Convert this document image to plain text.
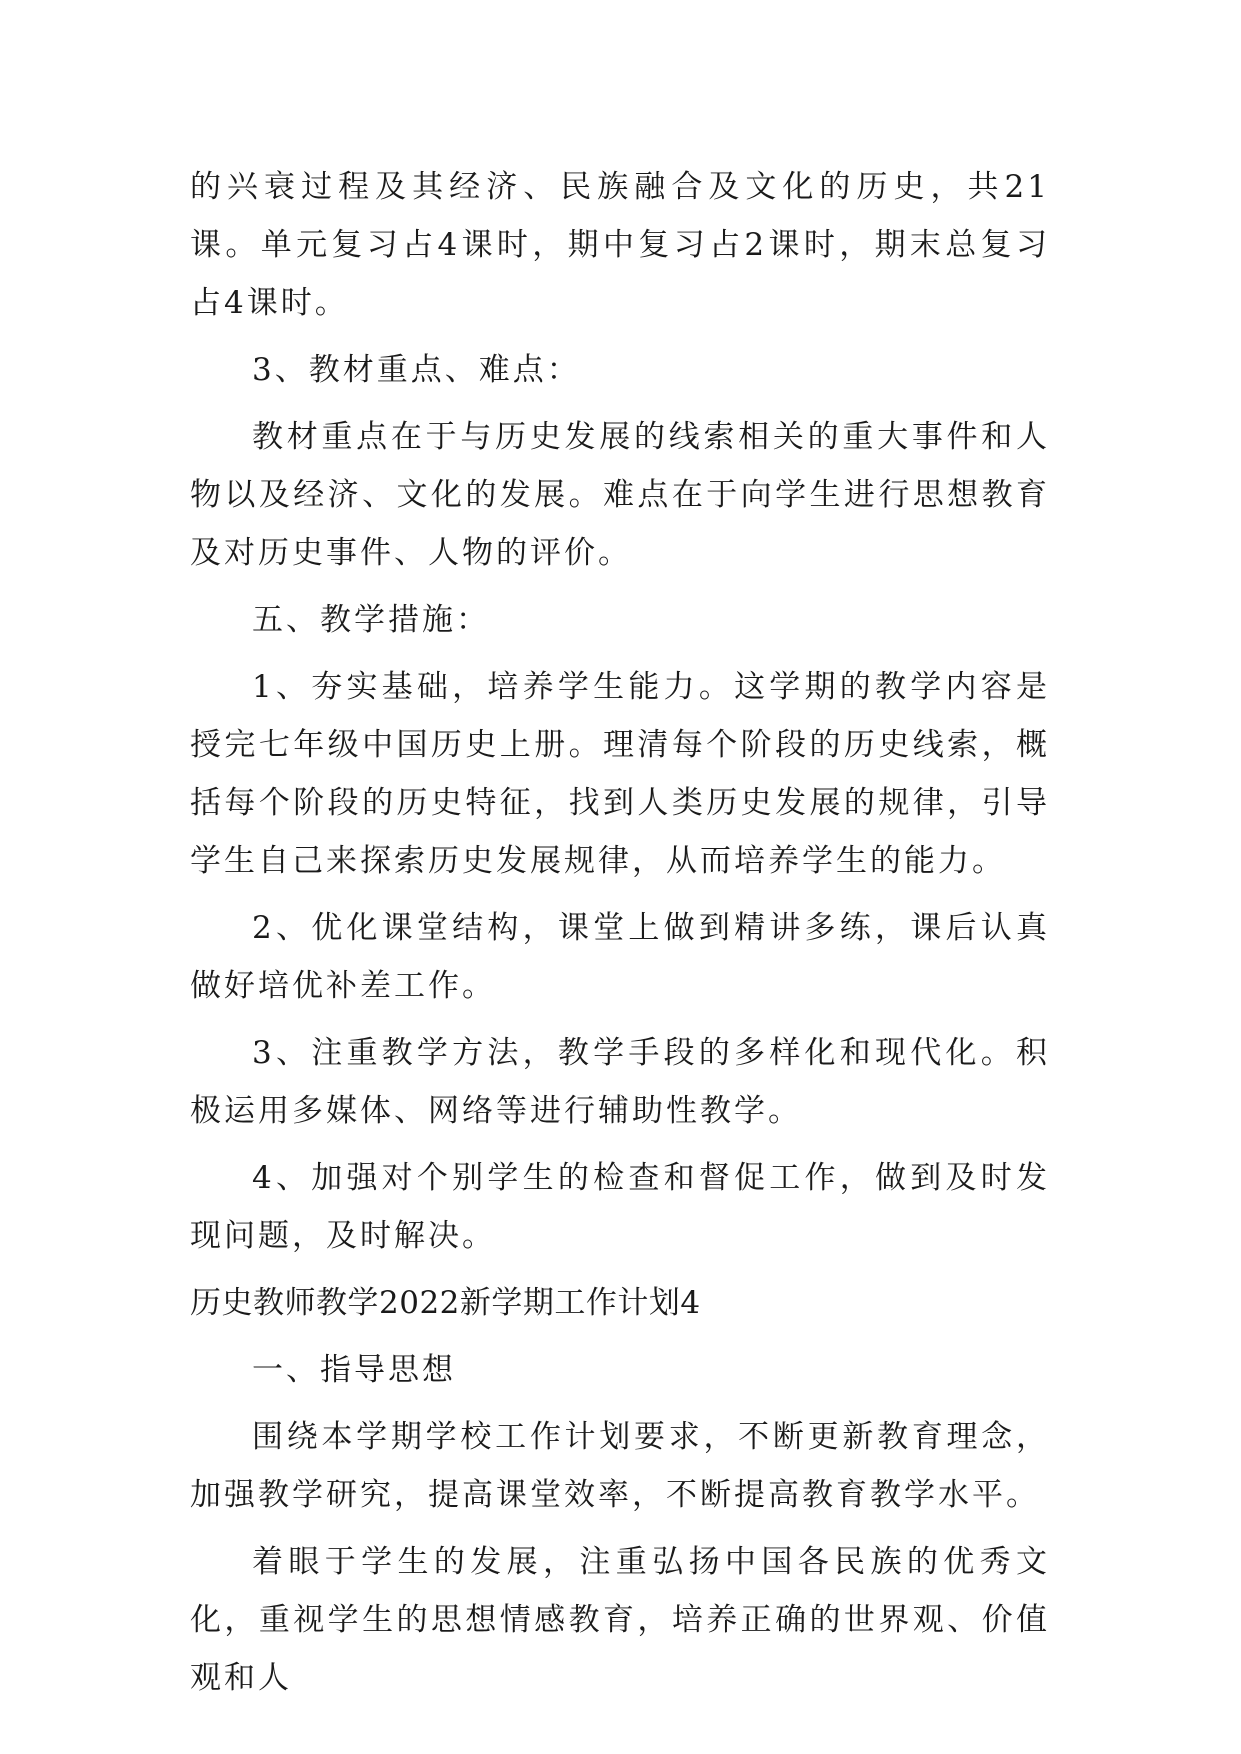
的兴衰过程及其经济、民族融合及文化的历史，共21课。单元复习占4课时，期中复习占2课时，期末总复习占4课时。

3、教材重点、难点：

教材重点在于与历史发展的线索相关的重大事件和人物以及经济、文化的发展。难点在于向学生进行思想教育及对历史事件、人物的评价。

五、教学措施：

1、夯实基础，培养学生能力。这学期的教学内容是授完七年级中国历史上册。理清每个阶段的历史线索，概括每个阶段的历史特征，找到人类历史发展的规律，引导学生自己来探索历史发展规律，从而培养学生的能力。

2、优化课堂结构，课堂上做到精讲多练，课后认真做好培优补差工作。

3、注重教学方法，教学手段的多样化和现代化。积极运用多媒体、网络等进行辅助性教学。

4、加强对个别学生的检查和督促工作，做到及时发现问题，及时解决。

历史教师教学2022新学期工作计划4

一、指导思想

围绕本学期学校工作计划要求，不断更新教育理念，加强教学研究，提高课堂效率，不断提高教育教学水平。

着眼于学生的发展，注重弘扬中国各民族的优秀文化，重视学生的思想情感教育，培养正确的世界观、价值观和人
